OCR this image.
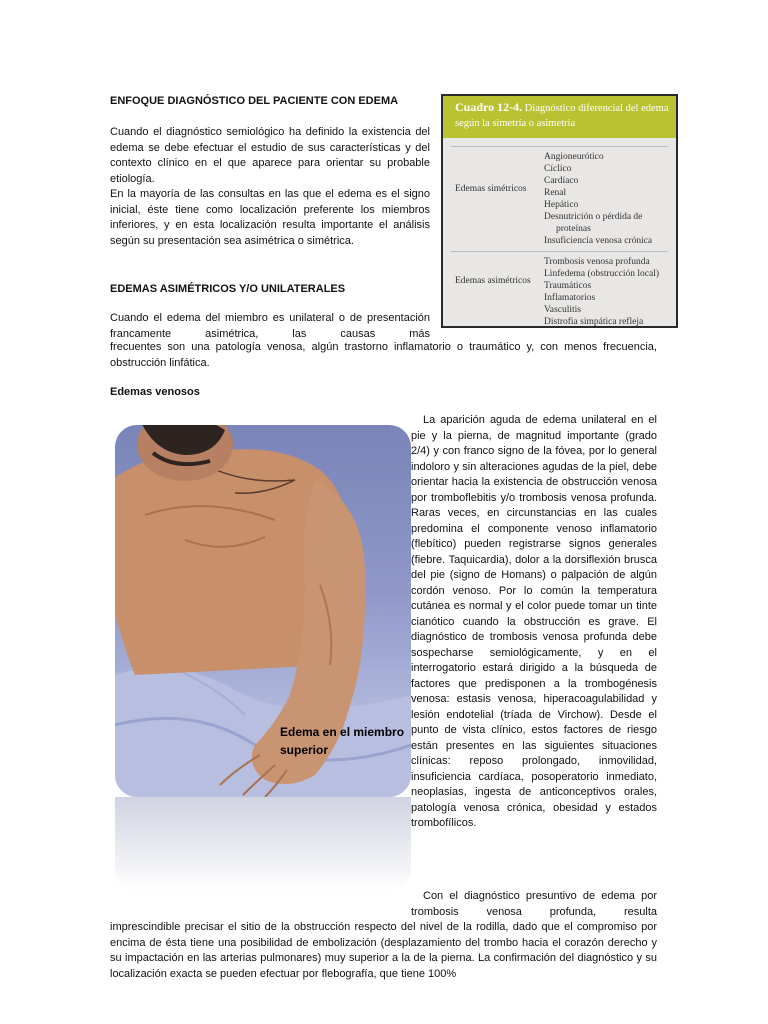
ENFOQUE DIAGNÓSTICO DEL PACIENTE CON EDEMA

Cuando el diagnóstico semiológico ha definido la existencia del edema se debe efectuar el estudio de sus características y del contexto clínico en el que aparece para orientar su probable etiología.

En la mayoría de las consultas en las que el edema es el signo inicial, éste tiene como localización preferente los miembros inferiores, y en esta localización resulta importante el análisis según su presentación sea asimétrica o simétrica.

EDEMAS ASIMÉTRICOS Y/O UNILATERALES

Cuando el edema del miembro es unilateral o de presentación francamente asimétrica, las causas más

frecuentes son una patología venosa, algún trastorno inflamatorio o traumático y, con menos frecuencia, obstrucción linfática.

Edemas venosos
Cuadro 12-4. Diagnóstico diferencial del edema según la simetría o asimetría
Edemas simétricos
Angioneurótico
Cíclico
Cardíaco
Renal
Hepático
Desnutrición o pérdida de
proteínas
Insuficiencia venosa crónica
Edemas asimétricos
Trombosis venosa profunda
Linfedema (obstrucción local)
Traumáticos
Inflamatorios
Vasculitis
Distrofia simpática refleja
Edema en el miembro superior

La aparición aguda de edema unilateral en el pie y la pierna, de magnitud importante (grado 2/4) y con franco signo de la fóvea, por lo general indoloro y sin alteraciones agudas de la piel, debe orientar hacia la existencia de obstrucción venosa por tromboflebitis y/o trombosis venosa profunda. Raras veces, en circunstancias en las cuales predomina el componente venoso inflamatorio (flebítico) pueden registrarse signos generales (fiebre. Taquicardia), dolor a la dorsiflexión brusca del pie (signo de Homans) o palpación de algún cordón venoso. Por lo común la temperatura cutánea es normal y el color puede tomar un tinte cianótico cuando la obstrucción es grave. El diagnóstico de trombosis venosa profunda debe sospecharse semiológicamente, y en el interrogatorio estará dirigido a la búsqueda de factores que predisponen a la trombogénesis venosa: estasis venosa, hiperacoagulabilidad y lesión endotelial (tríada de Virchow). Desde el punto de vista clínico, estos factores de riesgo están presentes en las siguientes situaciones clínicas: reposo prolongado, inmovilidad, insuficiencia cardíaca, posoperatorio inmediato, neoplasias, ingesta de anticonceptivos orales, patología venosa crónica, obesidad y estados trombofílicos.

Con el diagnóstico presuntivo de edema por trombosis venosa profunda, resulta

imprescindible precisar el sitio de la obstrucción respecto del nivel de la rodilla, dado que el compromiso por encima de ésta tiene una posibilidad de embolización (desplazamiento del trombo hacia el corazón derecho y su impactación en las arterias pulmonares) muy superior a la de la pierna. La confirmación del diagnóstico y su localización exacta se pueden efectuar por flebografía, que tiene 100%
